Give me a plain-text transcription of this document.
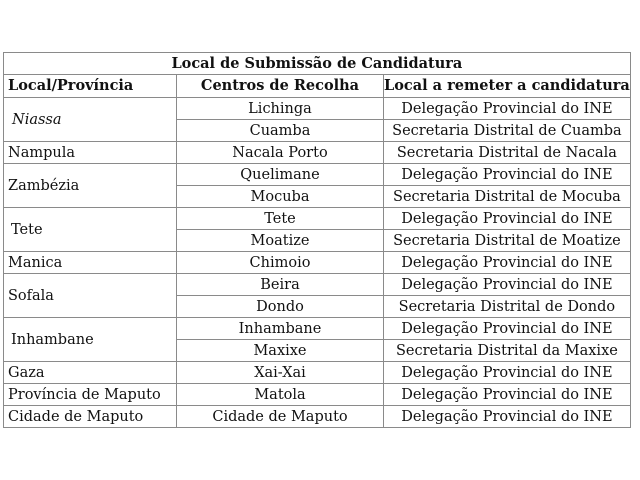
Local de Submissão de Candidatura		
Local/Província	Centros de Recolha	Local a remeter a candidatura
Niassa	Lichinga	Delegação Provincial do INE
	Cuamba	Secretaria Distrital de Cuamba
Nampula	Nacala Porto	Secretaria Distrital de Nacala
Zambézia	Quelimane	Delegação Provincial do INE
	Mocuba	Secretaria Distrital de Mocuba
Tete	Tete	Delegação Provincial do INE
	Moatize	Secretaria Distrital de Moatize
Manica	Chimoio	Delegação Provincial do INE
Sofala	Beira	Delegação Provincial do INE
	Dondo	Secretaria Distrital de Dondo
Inhambane	Inhambane	Delegação Provincial do INE
	Maxixe	Secretaria Distrital da Maxixe
Gaza	Xai-Xai	Delegação Provincial do INE
Província de Maputo	Matola	Delegação Provincial do INE
Cidade de Maputo	Cidade de Maputo	Delegação Provincial do INE
